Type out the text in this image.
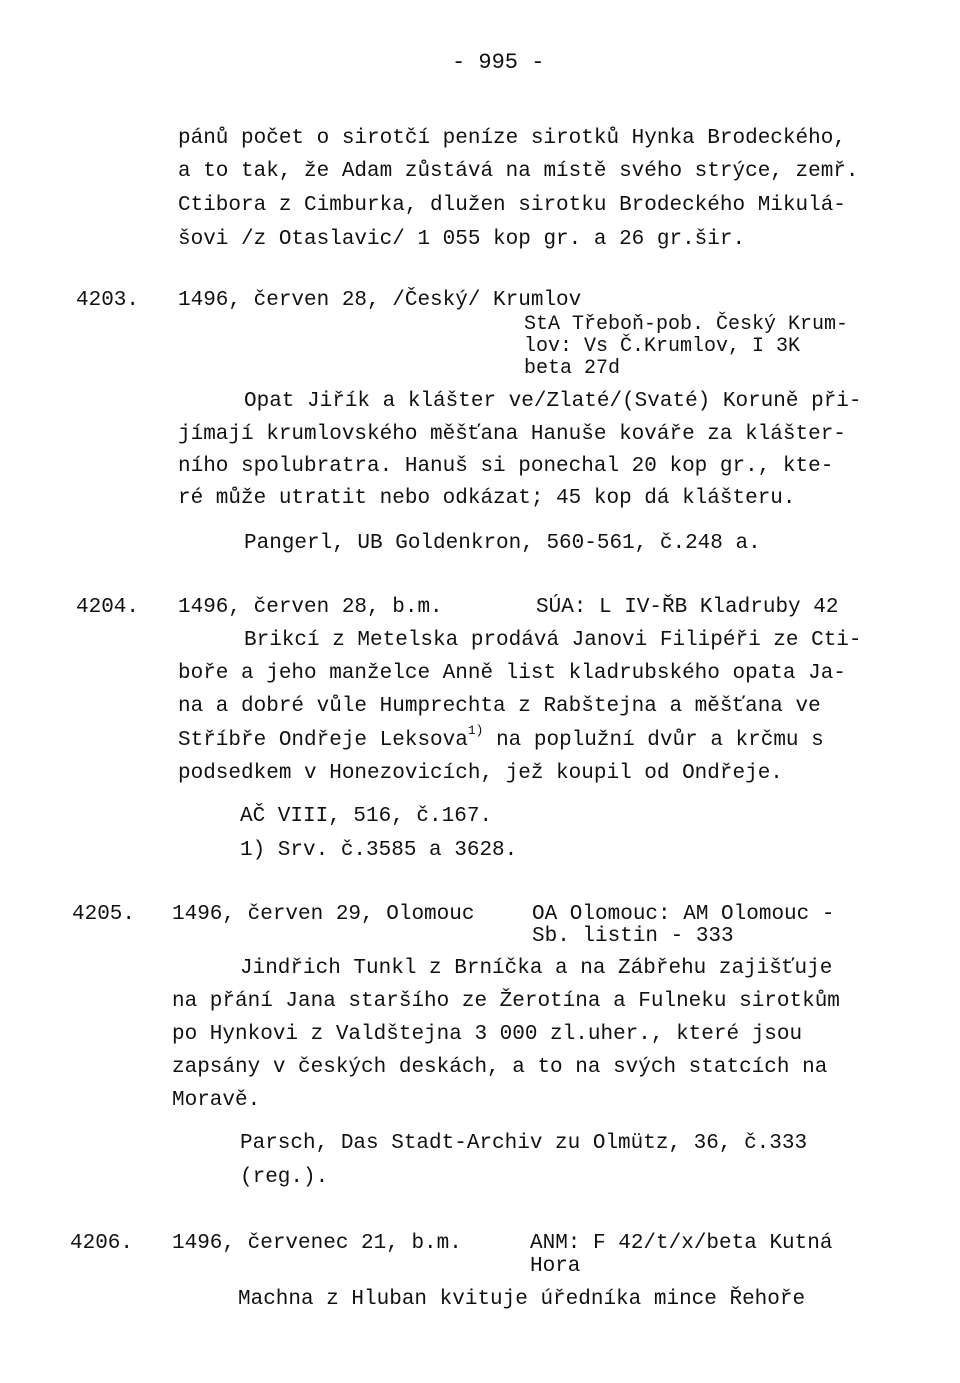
- 995 -
pánů počet o sirotčí peníze sirotků Hynka Brodeckého,
a to tak, že Adam zůstává na místě svého strýce, zemř.
Ctibora z Cimburka, dlužen sirotku Brodeckého Mikulá-
šovi /z Otaslavic/ 1 055 kop gr. a 26 gr.šir.
4203. 1496, červen 28, /Český/ Krumlov
StA Třeboň-pob. Český Krum-
lov: Vs Č.Krumlov, I 3K
beta 27d
Opat Jiřík a klášter ve/Zlaté/(Svaté) Koruně při-
jímají krumlovského měšťana Hanuše kováře za klášter-
ního spolubratra. Hanuš si ponechal 20 kop gr., kte-
ré může utratit nebo odkázat; 45 kop dá klášteru.
Pangerl, UB Goldenkron, 560-561, č.248 a.
4204. 1496, červen 28, b.m.	SÚA: L IV-ŘB Kladruby 42
Brikcí z Metelska prodává Janovi Filipéři ze Cti-
boře a jeho manželce Anně list kladrubského opata Ja-
na a dobré vůle Humprechta z Rabštejna a měšťana ve
Stříbře Ondřeje Leksova$^{1)}$ na poplužní dvůr a krčmu s
podsedkem v Honezovicích, jež koupil od Ondřeje.
AČ VIII, 516, č.167.
1) Srv. č.3585 a 3628.
4205. 1496, červen 29, Olomouc	OA Olomouc: AM Olomouc -
Sb. listin - 333
Jindřich Tunkl z Brníčka a na Zábřehu zajišťuje
na přání Jana staršího ze Žerotína a Fulneku sirotkům
po Hynkovi z Valdštejna 3 000 zl.uher., které jsou
zapsány v českých deskách, a to na svých statcích na
Moravě.
Parsch, Das Stadt-Archiv zu Olmütz, 36, č.333
(reg.).
4206. 1496, červenec 21, b.m.	ANM: F 42/t/x/beta Kutná
Hora
Machna z Hluban kvituje úředníka mince Řehoře
